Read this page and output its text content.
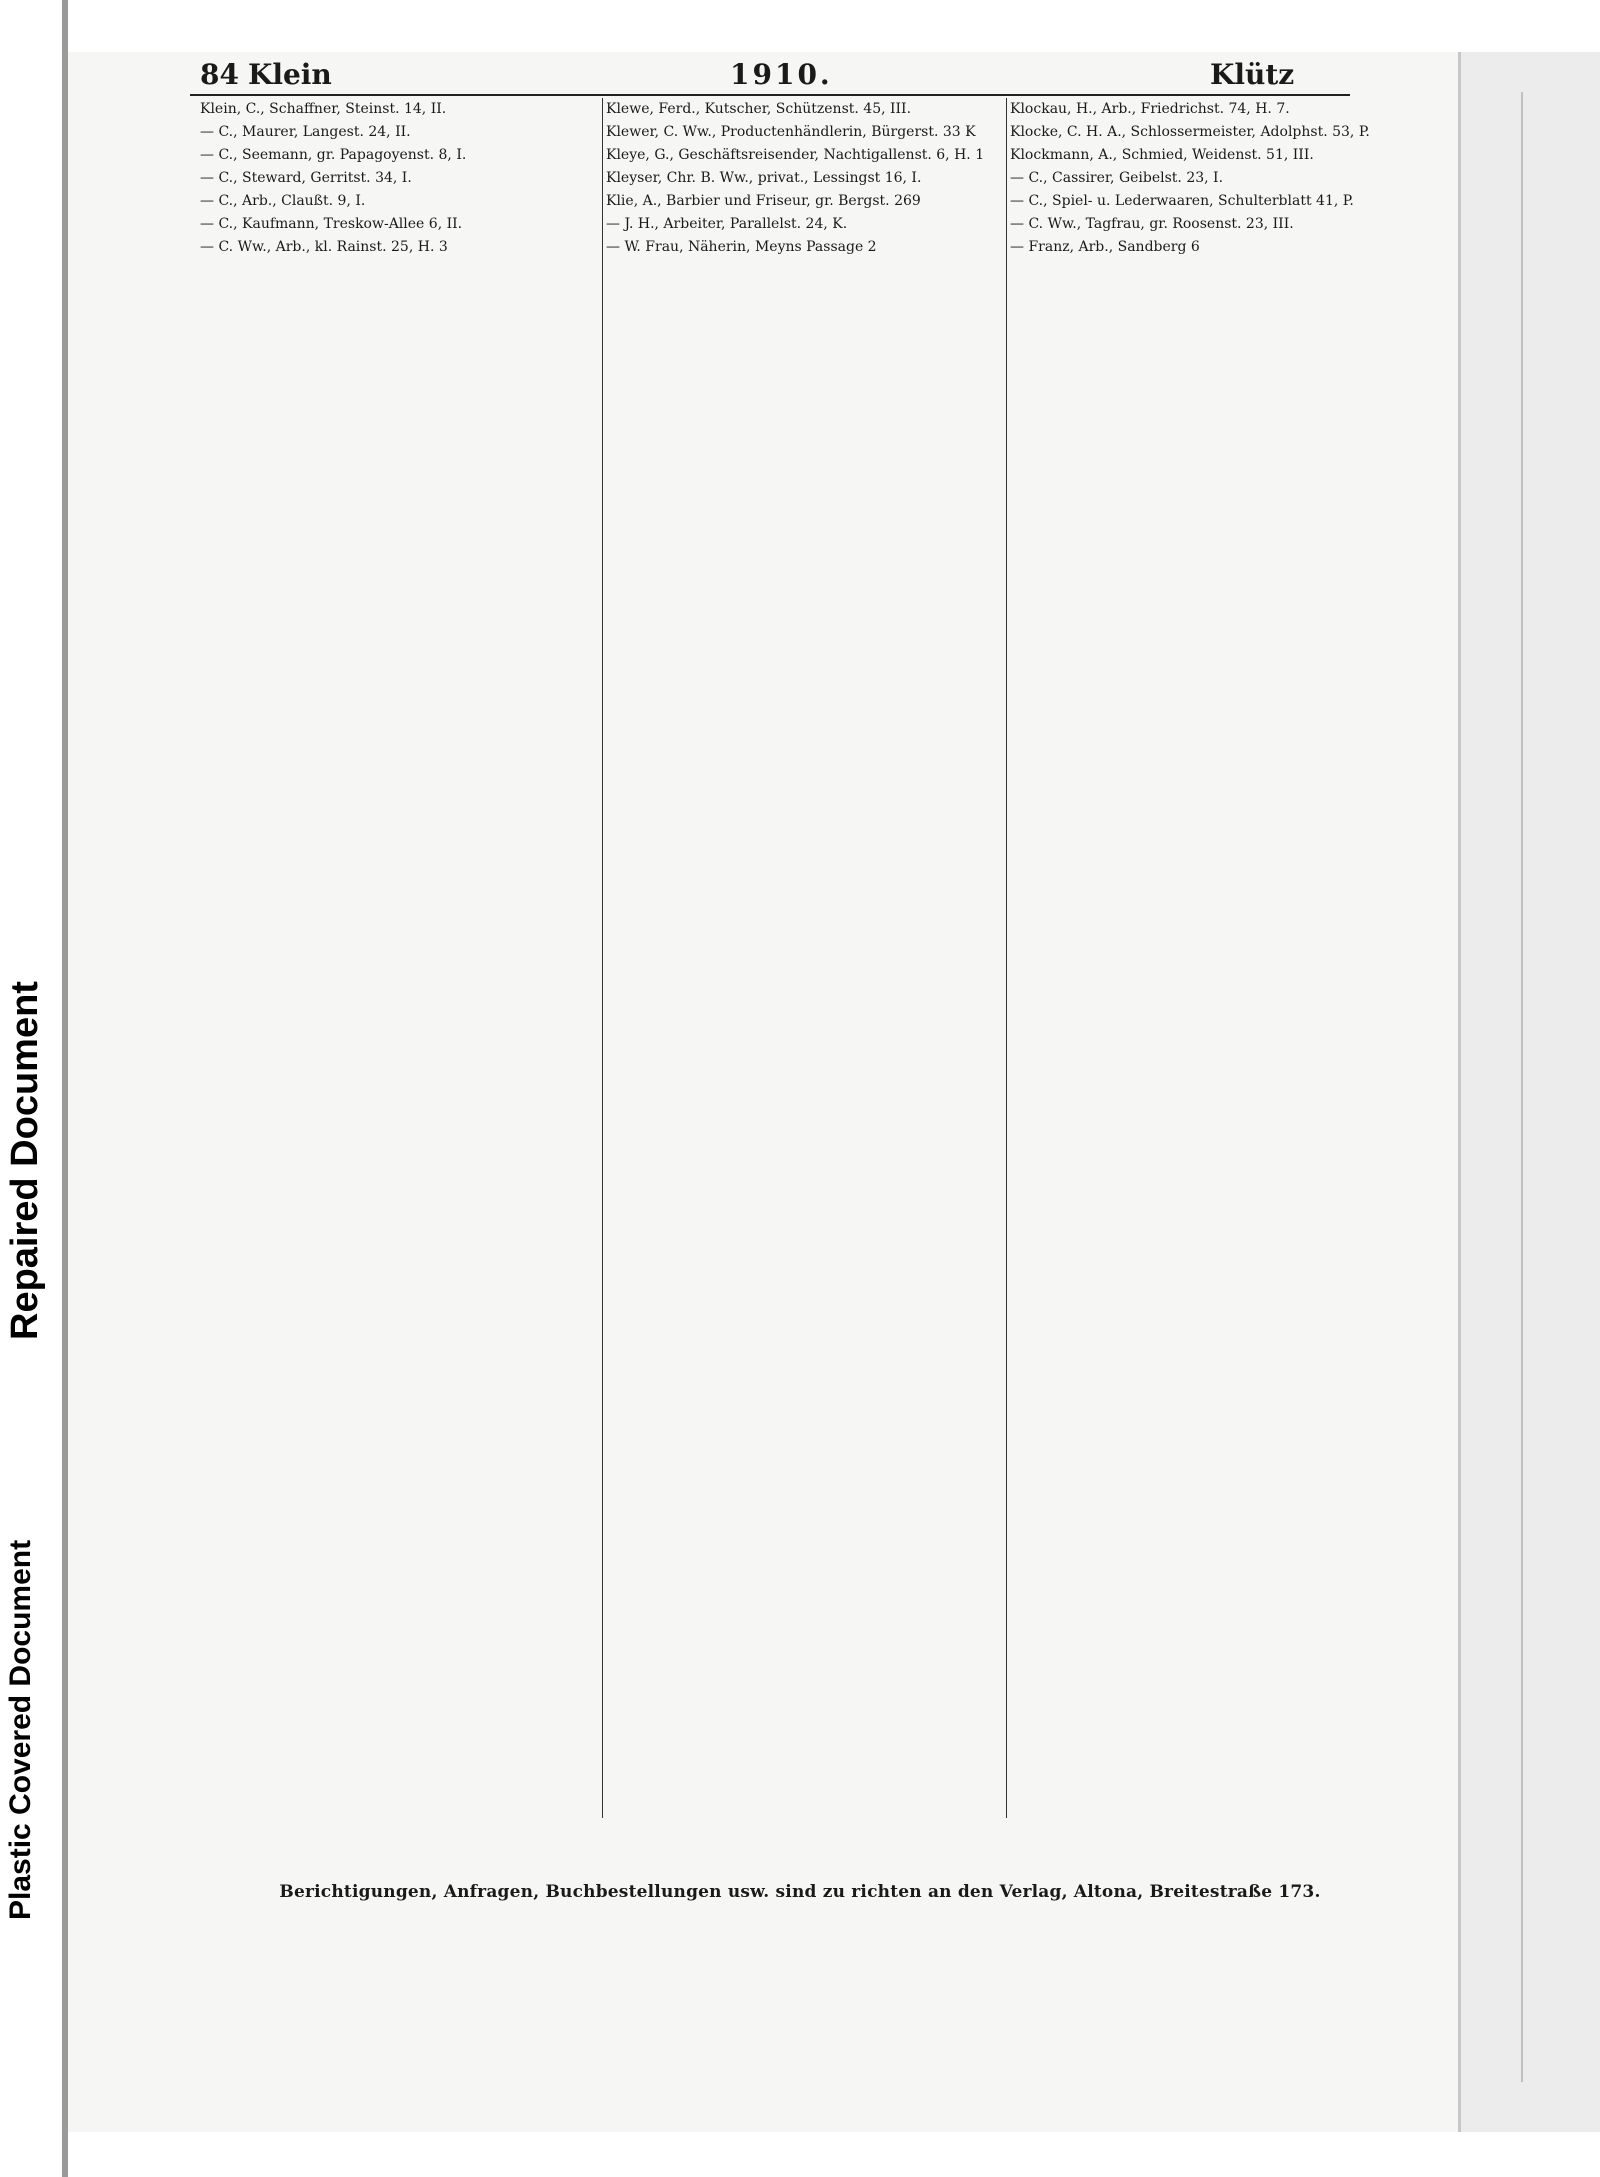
Plastic Covered Document

Repaired Document

84 Klein	1910.	Klütz

Klein, C., Schaffner, Steinst. 14, II.

— C., Maurer, Langest. 24, II.

— C., Seemann, gr. Papagoyenst. 8, I.

— C., Steward, Gerritst. 34, I.

— C., Arb., Claußt. 9, I.

— C., Kaufmann, Treskow-Allee 6, II.

— C. Ww., Arb., kl. Rainst. 25, H. 3

Klewe, Ferd., Kutscher, Schützenst. 45, III.

Klewer, C. Ww., Productenhändlerin, Bürgerst. 33 K

Kleye, G., Geschäftsreisender, Nachtigallenst. 6, H. 1

Kleyser, Chr. B. Ww., privat., Lessingst 16, I.

Klie, A., Barbier und Friseur, gr. Bergst. 269

— J. H., Arbeiter, Parallelst. 24, K.

— W. Frau, Näherin, Meyns Passage 2

Klockau, H., Arb., Friedrichst. 74, H. 7.

Klocke, C. H. A., Schlossermeister, Adolphst. 53, P.

Klockmann, A., Schmied, Weidenst. 51, III.

— C., Cassirer, Geibelst. 23, I.

— C., Spiel- u. Lederwaaren, Schulterblatt 41, P.

— C. Ww., Tagfrau, gr. Roosenst. 23, III.

— Franz, Arb., Sandberg 6

Berichtigungen, Anfragen, Buchbestellungen usw. sind zu richten an den Verlag, Altona, Breitestraße 173.
